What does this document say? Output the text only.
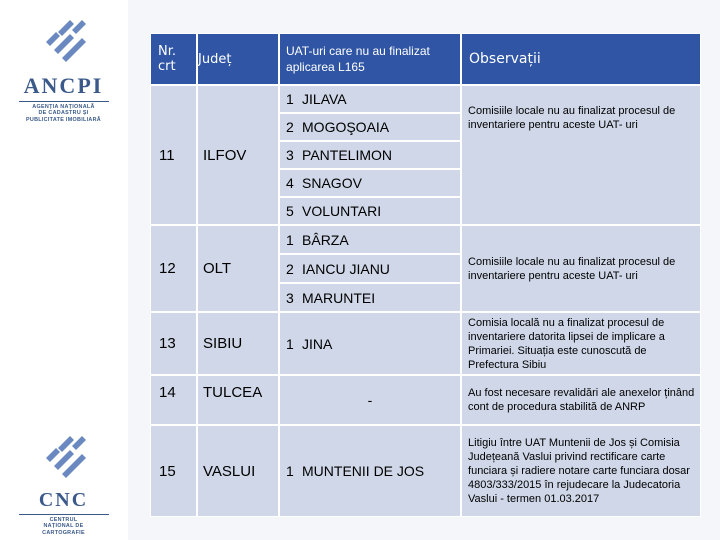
ANCPI
AGENȚIA NAȚIONALĂ
DE CADASTRU ȘI
PUBLICITATE IMOBILIARĂ
CNC
CENTRUL
NAȚIONAL DE
CARTOGRAFIE
Nr. crt	Județ	UAT-uri care nu au finalizat aplicarea L165	Observații
11	ILFOV	1 JILAVA	Comisiile locale nu au finalizat procesul de inventariere pentru aceste UAT- uri
		2 MOGOŞOAIA	
		3 PANTELIMON	
		4 SNAGOV	
		5 VOLUNTARI	
12	OLT	1 BÂRZA	Comisiile locale nu au finalizat procesul de inventariere pentru aceste UAT- uri
		2 IANCU JIANU	
		3 MARUNTEI	
13	SIBIU	1 JINA	Comisia locală nu a finalizat procesul de inventariere datorita lipsei de implicare a Primariei. Situația este cunoscută de Prefectura Sibiu
14	TULCEA	-	Au fost necesare revalidări ale anexelor ținând cont de procedura stabilită de ANRP
15	VASLUI	1 MUNTENII DE JOS	Litigiu între UAT Muntenii de Jos și Comisia Județeană Vaslui privind rectificare carte funciara și radiere notare carte funciara dosar 4803/333/2015 în rejudecare la Judecatoria Vaslui - termen 01.03.2017
